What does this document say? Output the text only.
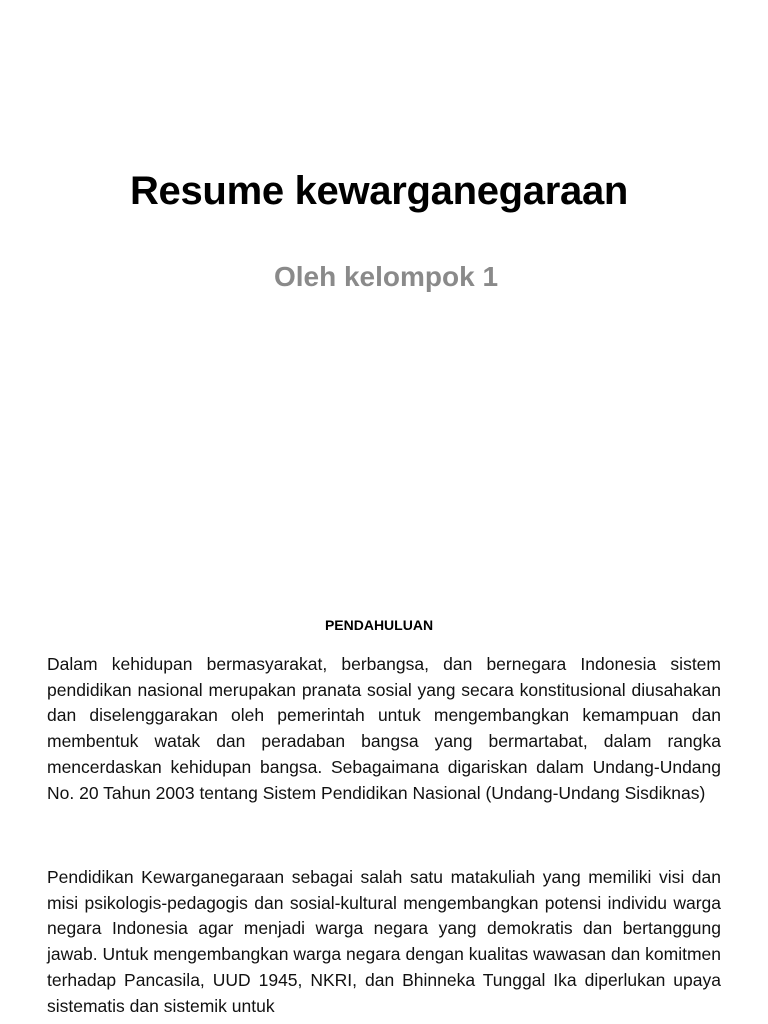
Resume kewarganegaraan
Oleh kelompok 1
PENDAHULUAN

Dalam kehidupan bermasyarakat, berbangsa, dan bernegara Indonesia sistem pendidikan nasional merupakan pranata sosial yang secara konstitusional diusahakan dan diselenggarakan oleh pemerintah untuk mengembangkan kemampuan dan membentuk watak dan peradaban bangsa yang bermartabat, dalam rangka mencerdaskan kehidupan bangsa. Sebagaimana digariskan dalam Undang-Undang No. 20 Tahun 2003 tentang Sistem Pendidikan Nasional (Undang-Undang Sisdiknas)

Pendidikan Kewarganegaraan sebagai salah satu matakuliah yang memiliki visi dan misi psikologis-pedagogis dan sosial-kultural mengembangkan potensi individu warga negara Indonesia agar menjadi warga negara yang demokratis dan bertanggung jawab. Untuk mengembangkan warga negara dengan kualitas wawasan dan komitmen terhadap Pancasila, UUD 1945, NKRI, dan Bhinneka Tunggal Ika diperlukan upaya sistematis dan sistemik untuk
